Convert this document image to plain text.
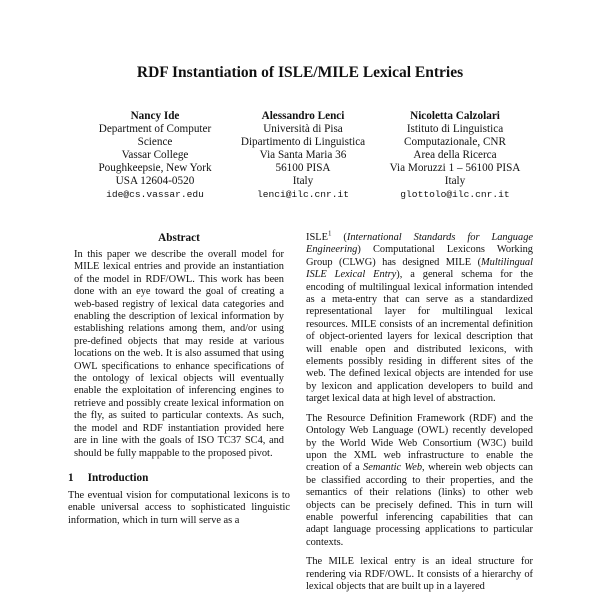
RDF Instantiation of ISLE/MILE Lexical Entries
Nancy Ide
Department of Computer
Science
Vassar College
Poughkeepsie, New York
USA 12604-0520
ide@cs.vassar.edu
Alessandro Lenci
Università di Pisa
Dipartimento di Linguistica
Via Santa Maria 36
56100 PISA
Italy
lenci@ilc.cnr.it
Nicoletta Calzolari
Istituto di Linguistica
Computazionale, CNR
Area della Ricerca
Via Moruzzi 1 – 56100 PISA
Italy
glottolo@ilc.cnr.it
Abstract
In this paper we describe the overall model for MILE lexical entries and provide an instantiation of the model in RDF/OWL. This work has been done with an eye toward the goal of creating a web-based registry of lexical data categories and enabling the description of lexical information by establishing relations among them, and/or using pre-defined objects that may reside at various locations on the web. It is also assumed that using OWL specifications to enhance specifications of the ontology of lexical objects will eventually enable the exploitation of inferencing engines to retrieve and possibly create lexical information on the fly, as suited to particular contexts. As such, the model and RDF instantiation provided here are in line with the goals of ISO TC37 SC4, and should be fully mappable to the proposed pivot.
1 Introduction
The eventual vision for computational lexicons is to enable universal access to sophisticated linguistic information, which in turn will serve as a

ISLE$^1$ (International Standards for Language Engineering) Computational Lexicons Working Group (CLWG) has designed MILE (Multilingual ISLE Lexical Entry), a general schema for the encoding of multilingual lexical information intended as a meta-entry that can serve as a standardized representational layer for multilingual lexical resources. MILE consists of an incremental definition of object-oriented layers for lexical description that will enable open and distributed lexicons, with elements possibly residing in different sites of the web. The defined lexical objects are intended for use by lexicon and application developers to build and target lexical data at high level of abstraction.

The Resource Definition Framework (RDF) and the Ontology Web Language (OWL) recently developed by the World Wide Web Consortium (W3C) build upon the XML web infrastructure to enable the creation of a Semantic Web, wherein web objects can be classified according to their properties, and the semantics of their relations (links) to other web objects can be precisely defined. This in turn will enable powerful inferencing capabilities that can adapt language processing applications to particular contexts.

The MILE lexical entry is an ideal structure for rendering via RDF/OWL. It consists of a hierarchy of lexical objects that are built up in a layered
